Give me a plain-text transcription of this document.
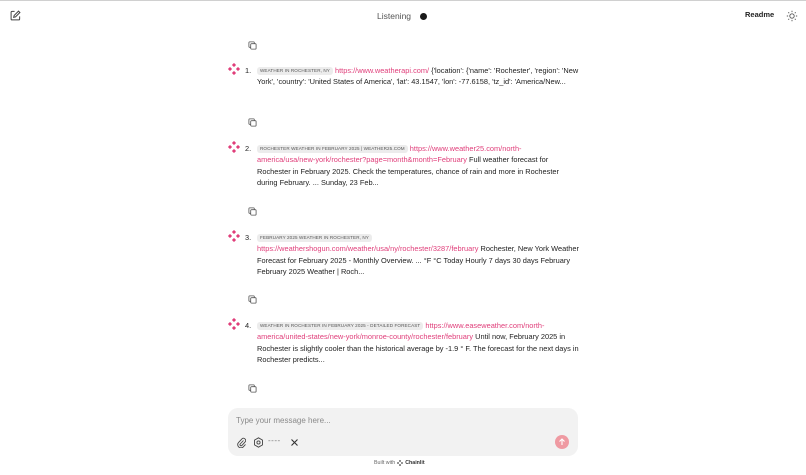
Listening	Readme
1.	WEATHER IN ROCHESTER, NY https://www.weatherapi.com/ {'location': {'name': 'Rochester', 'region': 'New York', 'country': 'United States of America', 'lat': 43.1547, 'lon': -77.6158, 'tz_id': 'America/New...
2.	ROCHESTER WEATHER IN FEBRUARY 2025 | WEATHER25.COM https://www.weather25.com/north-america/usa/new-york/rochester?page=month&month=February Full weather forecast for Rochester in February 2025. Check the temperatures, chance of rain and more in Rochester during February. ... Sunday, 23 Feb...
3.	FEBRUARY 2025 WEATHER IN ROCHESTER, NY
https://weathershogun.com/weather/usa/ny/rochester/3287/february Rochester, New York Weather Forecast for February 2025 - Monthly Overview. ... °F °C Today Hourly 7 days 30 days February February 2025 Weather | Roch...
4.	WEATHER IN ROCHESTER IN FEBRUARY 2025 - DETAILED FORECAST https://www.easeweather.com/north-america/united-states/new-york/monroe-county/rochester/february Until now, February 2025 in Rochester is slightly cooler than the historical average by -1.9 ° F. The forecast for the next days in Rochester predicts...
Type your message here...
----
Built with Chainlit
